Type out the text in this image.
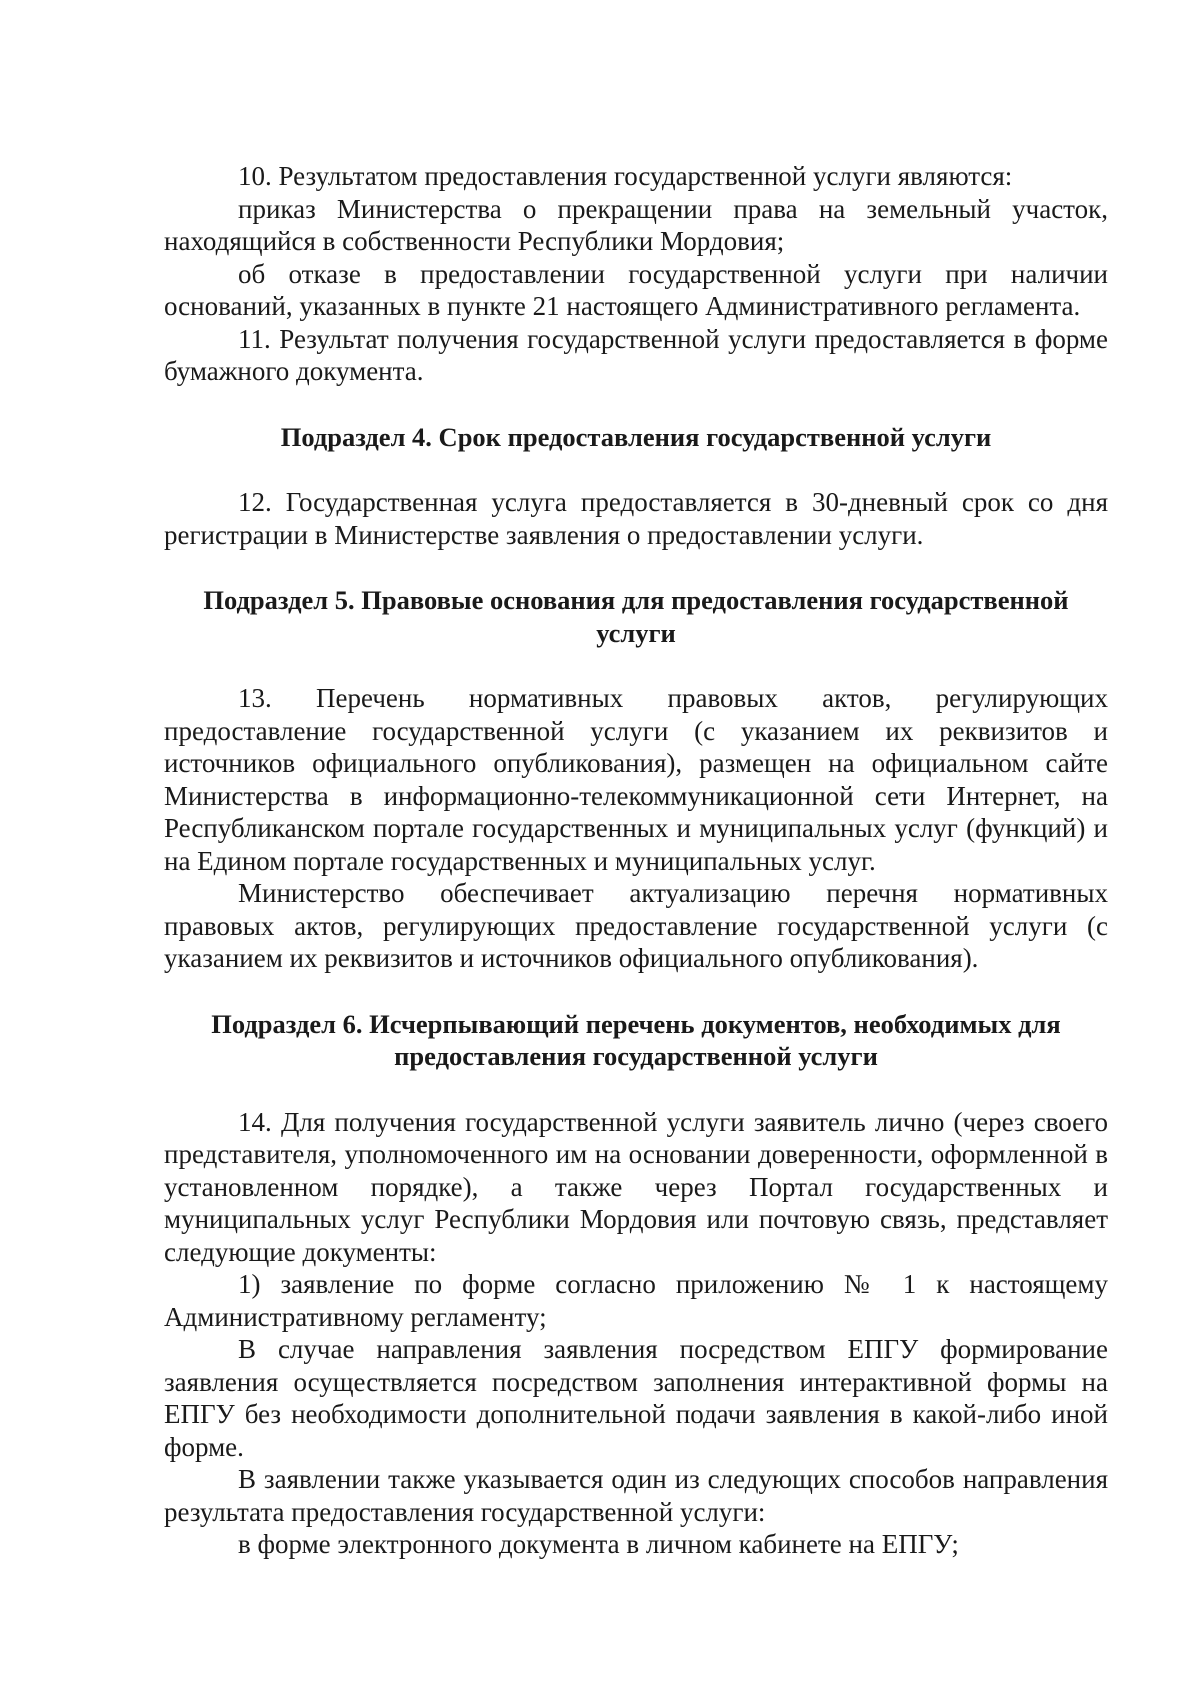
10. Результатом предоставления государственной услуги являются:

приказ Министерства о прекращении права на земельный участок, находящийся в собственности Республики Мордовия;

об отказе в предоставлении государственной услуги при наличии оснований, указанных в пункте 21 настоящего Административного регламента.

11. Результат получения государственной услуги предоставляется в форме бумажного документа.

Подраздел 4. Срок предоставления государственной услуги

12. Государственная услуга предоставляется в 30-дневный срок со дня регистрации в Министерстве заявления о предоставлении услуги.

Подраздел 5. Правовые основания для предоставления государственной услуги

13. Перечень нормативных правовых актов, регулирующих предоставление государственной услуги (с указанием их реквизитов и источников официального опубликования), размещен на официальном сайте Министерства в информационно-телекоммуникационной сети Интернет, на Республиканском портале государственных и муниципальных услуг (функций) и на Едином портале государственных и муниципальных услуг.

Министерство обеспечивает актуализацию перечня нормативных правовых актов, регулирующих предоставление государственной услуги (с указанием их реквизитов и источников официального опубликования).

Подраздел 6. Исчерпывающий перечень документов, необходимых для предоставления государственной услуги

14. Для получения государственной услуги заявитель лично (через своего представителя, уполномоченного им на основании доверенности, оформленной в установленном порядке), а также через Портал государственных и муниципальных услуг Республики Мордовия или почтовую связь, представляет следующие документы:

1) заявление по форме согласно приложению № 1 к настоящему Административному регламенту;

В случае направления заявления посредством ЕПГУ формирование заявления осуществляется посредством заполнения интерактивной формы на ЕПГУ без необходимости дополнительной подачи заявления в какой-либо иной форме.

В заявлении также указывается один из следующих способов направления результата предоставления государственной услуги:

в форме электронного документа в личном кабинете на ЕПГУ;
